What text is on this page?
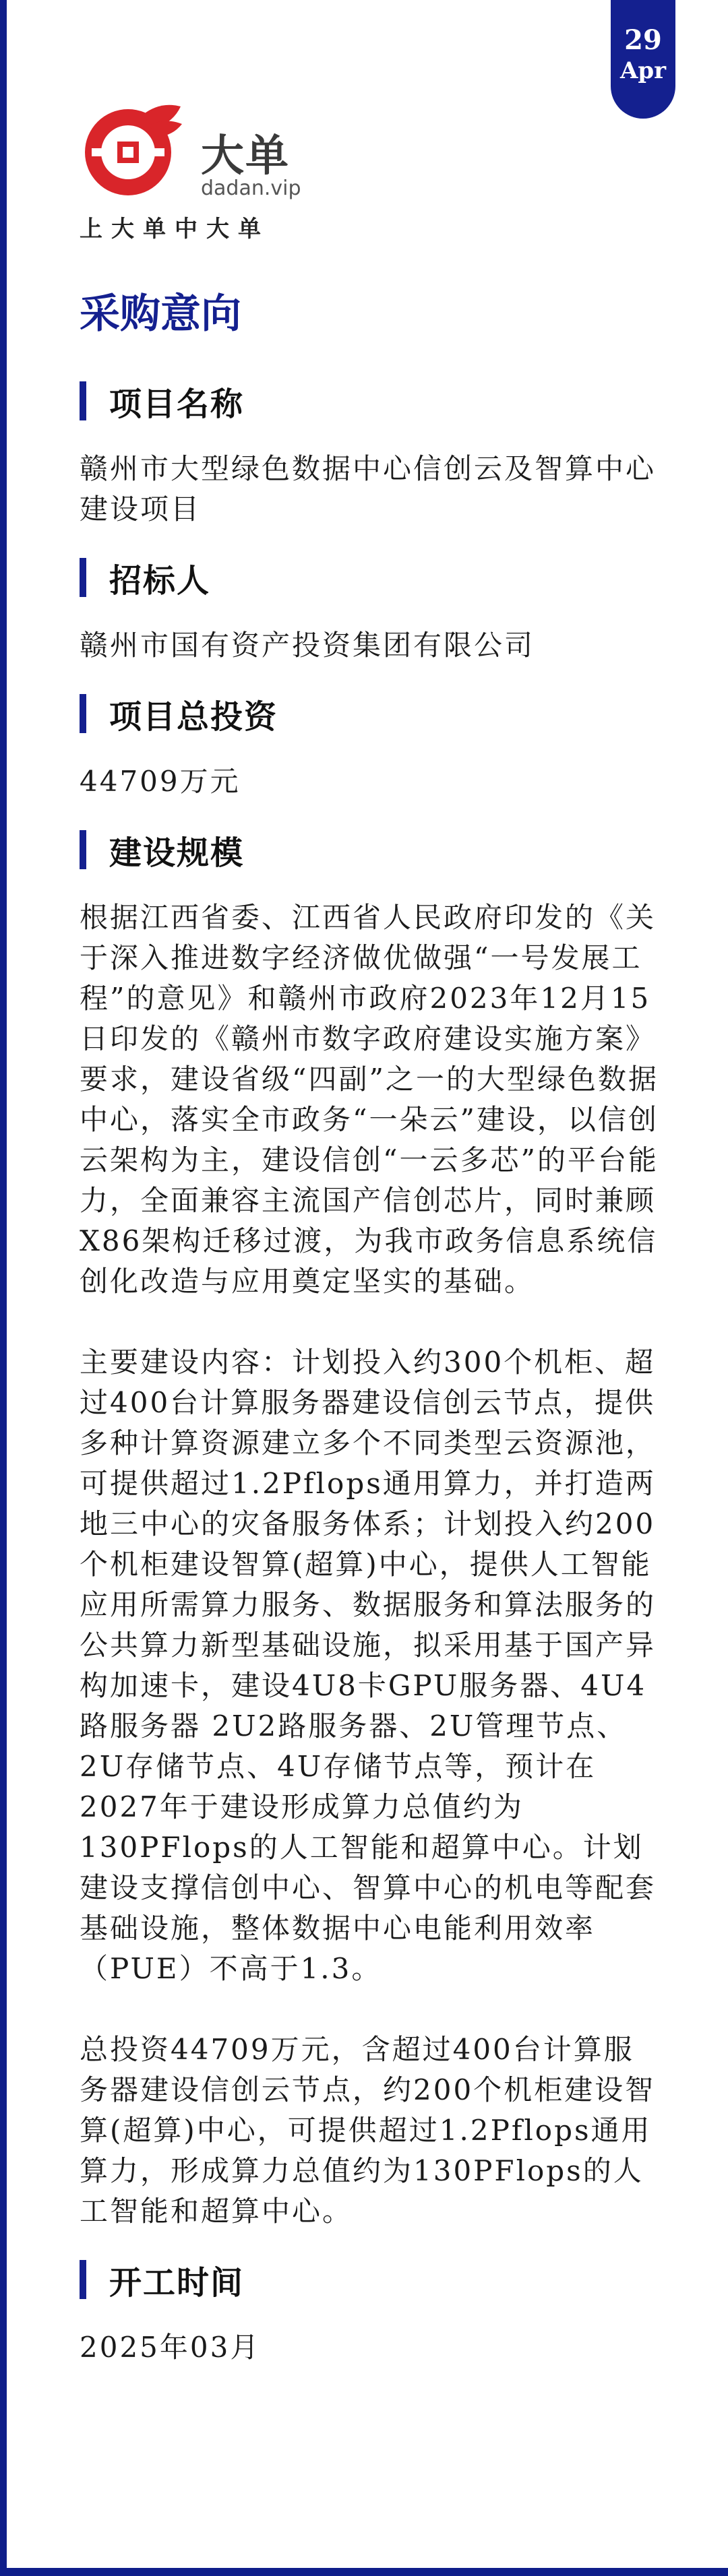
29
Apr
大单
dadan.vip
上大单中大单
采购意向
项目名称

赣州市大型绿色数据中心信创云及智算中心建设项目

招标人

赣州市国有资产投资集团有限公司

项目总投资

44709万元

建设规模

根据江西省委、江西省人民政府印发的《关于深入推进数字经济做优做强“一号发展工程”的意见》和赣州市政府2023年12月15日印发的《赣州市数字政府建设实施方案》要求，建设省级“四副”之一的大型绿色数据中心，落实全市政务“一朵云”建设，以信创云架构为主，建设信创“一云多芯”的平台能力，全面兼容主流国产信创芯片，同时兼顾X86架构迁移过渡，为我市政务信息系统信创化改造与应用奠定坚实的基础。

主要建设内容：计划投入约300个机柜、超过400台计算服务器建设信创云节点，提供多种计算资源建立多个不同类型云资源池，可提供超过1.2Pflops通用算力，并打造两地三中心的灾备服务体系；计划投入约200个机柜建设智算(超算)中心，提供人工智能应用所需算力服务、数据服务和算法服务的公共算力新型基础设施，拟采用基于国产异构加速卡，建设4U8卡GPU服务器、4U4路服务器 2U2路服务器、2U管理节点、2U存储节点、4U存储节点等，预计在2027年于建设形成算力总值约为130PFlops的人工智能和超算中心。计划建设支撑信创中心、智算中心的机电等配套基础设施，整体数据中心电能利用效率（PUE）不高于1.3。

总投资44709万元，含超过400台计算服务器建设信创云节点，约200个机柜建设智算(超算)中心，可提供超过1.2Pflops通用算力，形成算力总值约为130PFlops的人工智能和超算中心。

开工时间

2025年03月
